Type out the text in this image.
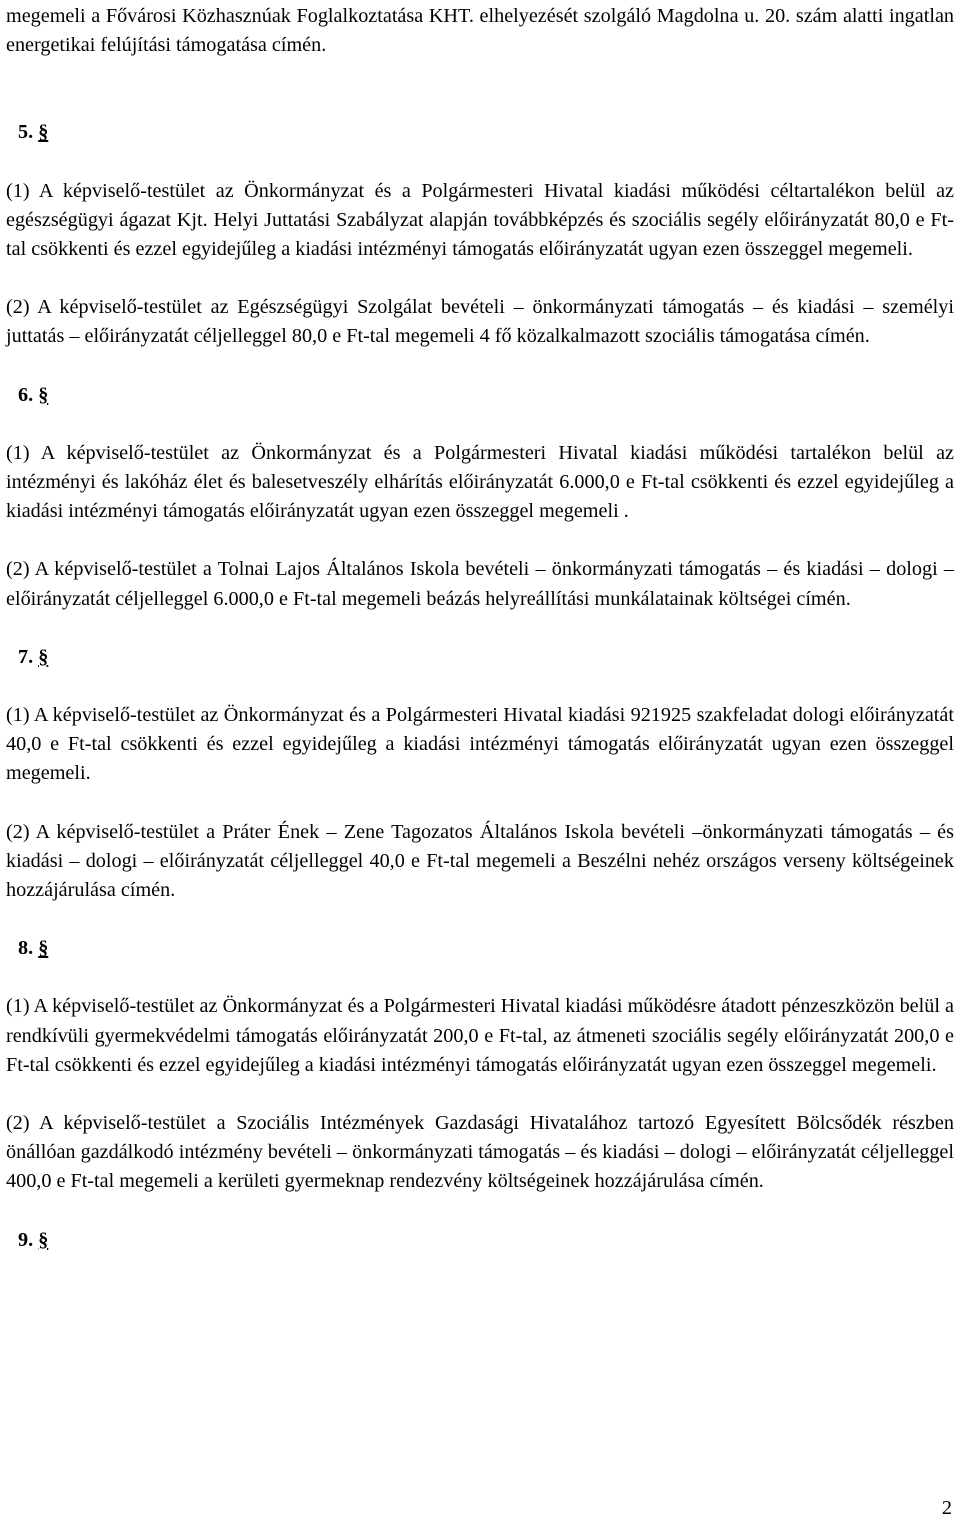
megemeli a Fővárosi Közhasznúak Foglalkoztatása KHT. elhelyezését szolgáló Magdolna u. 20. szám alatti ingatlan energetikai felújítási támogatása címén.

5. §

(1) A képviselő-testület az Önkormányzat és a Polgármesteri Hivatal kiadási működési céltartalékon belül az egészségügyi ágazat Kjt. Helyi Juttatási Szabályzat alapján továbbképzés és szociális segély előirányzatát 80,0 e Ft-tal csökkenti és ezzel egyidejűleg a kiadási intézményi támogatás előirányzatát ugyan ezen összeggel megemeli.

(2) A képviselő-testület az Egészségügyi Szolgálat bevételi – önkormányzati támogatás – és kiadási – személyi juttatás – előirányzatát céljelleggel 80,0 e Ft-tal megemeli 4 fő közalkalmazott szociális támogatása címén.

6. §

(1) A képviselő-testület az Önkormányzat és a Polgármesteri Hivatal kiadási működési tartalékon belül az intézményi és lakóház élet és balesetveszély elhárítás előirányzatát 6.000,0 e Ft-tal csökkenti és ezzel egyidejűleg a kiadási intézményi támogatás előirányzatát ugyan ezen összeggel megemeli .

(2) A képviselő-testület a Tolnai Lajos Általános Iskola bevételi – önkormányzati támogatás – és kiadási – dologi – előirányzatát céljelleggel 6.000,0 e Ft-tal megemeli beázás helyreállítási munkálatainak költségei címén.

7. §

(1) A képviselő-testület az Önkormányzat és a Polgármesteri Hivatal kiadási 921925 szakfeladat dologi előirányzatát 40,0 e Ft-tal csökkenti és ezzel egyidejűleg a kiadási intézményi támogatás előirányzatát ugyan ezen összeggel megemeli.

(2) A képviselő-testület a Práter Ének – Zene Tagozatos Általános Iskola bevételi –önkormányzati támogatás – és kiadási – dologi – előirányzatát céljelleggel 40,0 e Ft-tal megemeli a Beszélni nehéz országos verseny költségeinek hozzájárulása címén.

8. §

(1) A képviselő-testület az Önkormányzat és a Polgármesteri Hivatal kiadási működésre átadott pénzeszközön belül a rendkívüli gyermekvédelmi támogatás előirányzatát 200,0 e Ft-tal, az átmeneti szociális segély előirányzatát 200,0 e Ft-tal csökkenti és ezzel egyidejűleg a kiadási intézményi támogatás előirányzatát ugyan ezen összeggel megemeli.

(2) A képviselő-testület a Szociális Intézmények Gazdasági Hivatalához tartozó Egyesített Bölcsődék részben önállóan gazdálkodó intézmény bevételi – önkormányzati támogatás – és kiadási – dologi – előirányzatát céljelleggel 400,0 e Ft-tal megemeli a kerületi gyermeknap rendezvény költségeinek hozzájárulása címén.

9. §

2
